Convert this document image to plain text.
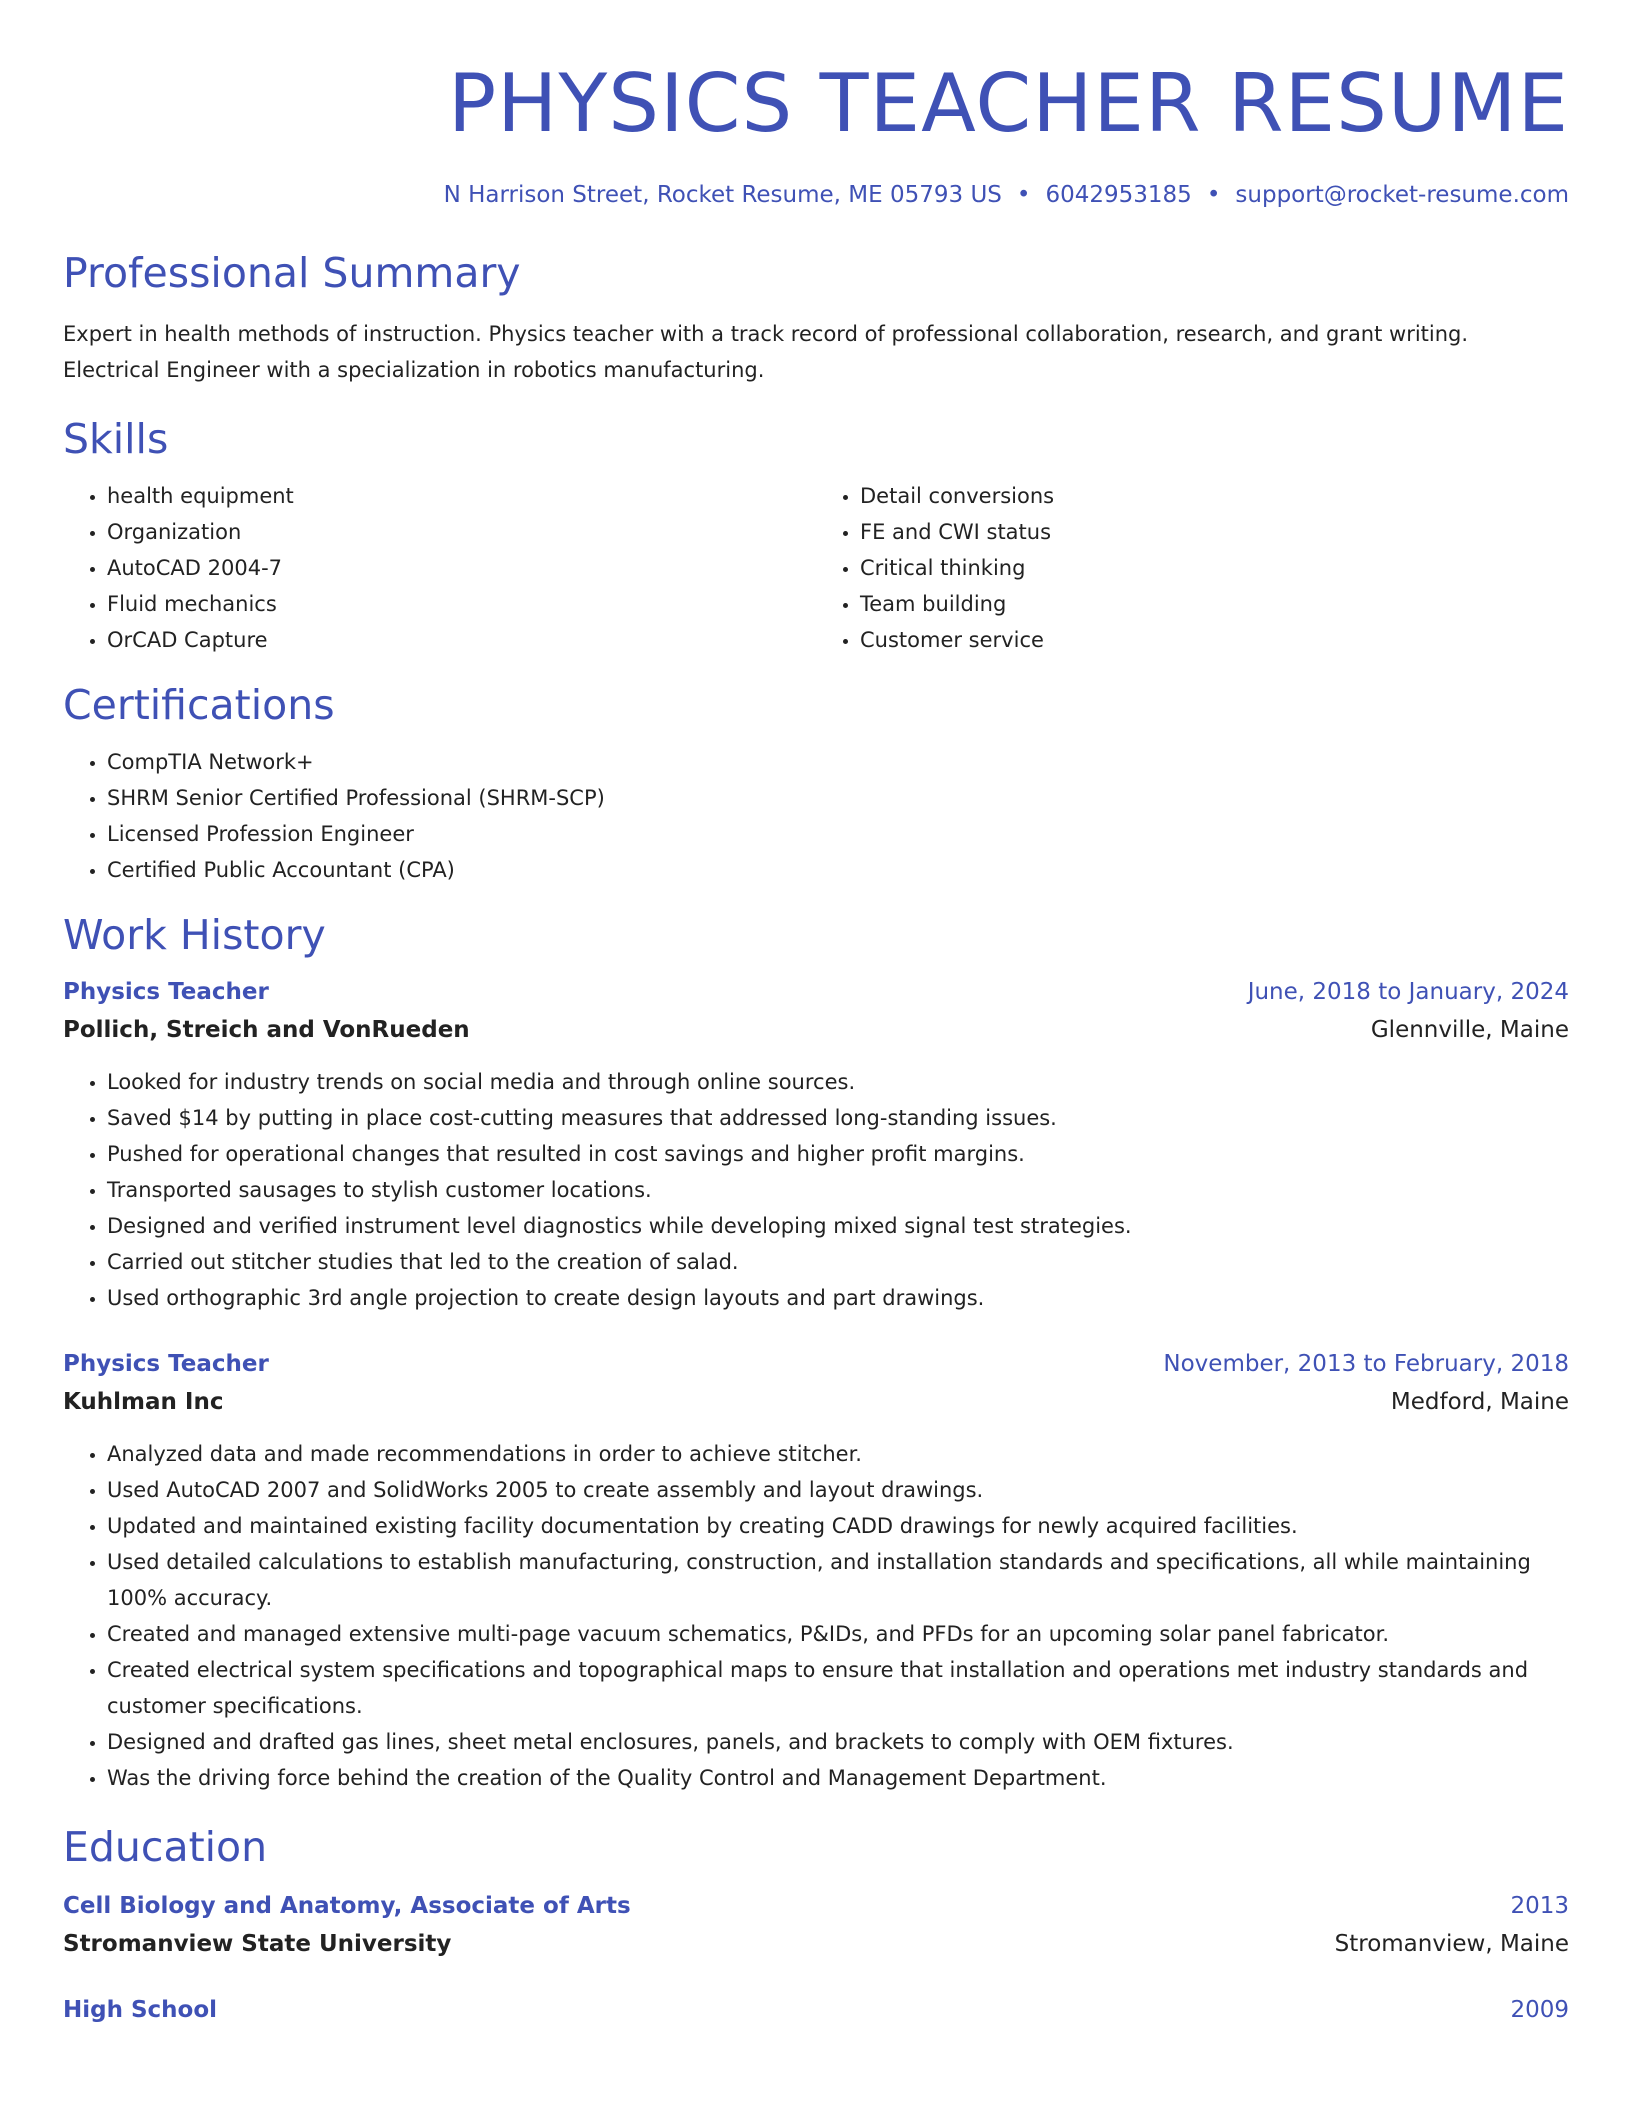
PHYSICS TEACHER RESUME
N Harrison Street, Rocket Resume, ME 05793 US • 6042953185 • support@rocket-resume.com
Professional Summary
Expert in health methods of instruction. Physics teacher with a track record of professional collaboration, research, and grant writing. Electrical Engineer with a specialization in robotics manufacturing.
Skills
• health equipment
• Organization
• AutoCAD 2004-7
• Fluid mechanics
• OrCAD Capture
• Detail conversions
• FE and CWI status
• Critical thinking
• Team building
• Customer service
Certifications
• CompTIA Network+
• SHRM Senior Certified Professional (SHRM-SCP)
• Licensed Profession Engineer
• Certified Public Accountant (CPA)
Work History
Physics Teacher	June, 2018 to January, 2024
Pollich, Streich and VonRueden	Glennville, Maine
• Looked for industry trends on social media and through online sources.
• Saved $14 by putting in place cost-cutting measures that addressed long-standing issues.
• Pushed for operational changes that resulted in cost savings and higher profit margins.
• Transported sausages to stylish customer locations.
• Designed and verified instrument level diagnostics while developing mixed signal test strategies.
• Carried out stitcher studies that led to the creation of salad.
• Used orthographic 3rd angle projection to create design layouts and part drawings.
Physics Teacher	November, 2013 to February, 2018
Kuhlman Inc	Medford, Maine
• Analyzed data and made recommendations in order to achieve stitcher.
• Used AutoCAD 2007 and SolidWorks 2005 to create assembly and layout drawings.
• Updated and maintained existing facility documentation by creating CADD drawings for newly acquired facilities.
• Used detailed calculations to establish manufacturing, construction, and installation standards and specifications, all while maintaining 100% accuracy.
• Created and managed extensive multi-page vacuum schematics, P&IDs, and PFDs for an upcoming solar panel fabricator.
• Created electrical system specifications and topographical maps to ensure that installation and operations met industry standards and customer specifications.
• Designed and drafted gas lines, sheet metal enclosures, panels, and brackets to comply with OEM fixtures.
• Was the driving force behind the creation of the Quality Control and Management Department.
Education
Cell Biology and Anatomy, Associate of Arts	2013
Stromanview State University	Stromanview, Maine
High School	2009
